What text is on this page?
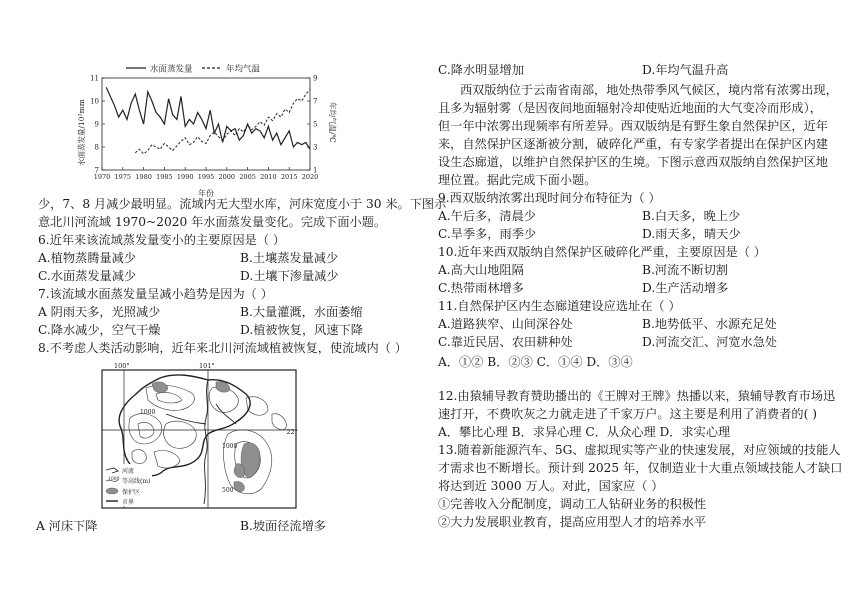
11
10
9
8
7
9
7
5
3
1
1970 1975 1980 1985 1990 1995 2000 2005 2010 2015 2020
水面蒸发量	年均气温
水面蒸发量/10²mm	年均气温/℃
年份
100°	101°
22°
1000
1000
500
河流
1000 等高线(m)
保护区
市界
少，7、8 月减少最明显。流域内无大型水库，河床宽度小于 30 米。下图示
意北川河流域 1970~2020 年水面蒸发量变化。完成下面小题。
6.近年来该流域蒸发量变小的主要原因是（ ）
A.植物蒸腾量减少	B.土壤蒸发量减少
C.水面蒸发量减少	D.土壤下渗量减少
7.该流域水面蒸发量呈减小趋势是因为（ ）
A 阴雨天多，光照减少	B.大量灌溉，水面萎缩
C.降水减少，空气干燥	D.植被恢复，风速下降
8.不考虑人类活动影响，近年来北川河流域植被恢复，使流域内（ ）
A 河床下降	B.坡面径流增多
C.降水明显增加	D.年均气温升高
西双版纳位于云南省南部，地处热带季风气候区，境内常有浓雾出现，
且多为辐射雾（是因夜间地面辐射冷却使贴近地面的大气变冷而形成），
但一年中浓雾出现频率有所差异。西双版纳是有野生象自然保护区，近年
来，自然保护区逐渐被分割，破碎化严重，有专家学者提出在保护区内建
设生态廊道，以维护自然保护区的生境。下图示意西双版纳自然保护区地
理位置。据此完成下面小题。
9.西双版纳浓雾出现时间分布特征为（ ）
A.午后多，清晨少	B.白天多，晚上少
C.旱季多，雨季少	D.雨天多，晴天少
10.近年来西双版纳自然保护区破碎化严重，主要原因是（ ）
A.高大山地阻隔	B.河流不断切割
C.热带雨林增多	D.生产活动增多
11.自然保护区内生态廊道建设应选址在（ ）
A.道路狭窄、山间深谷处	B.地势低平、水源充足处
C.靠近民居、农田耕种处	D.河流交汇、河宽水急处
A．①② B．②③ C．①④ D．③④
12.由猿辅导教育赞助播出的《王牌对王牌》热播以来，猿辅导教育市场迅
速打开，不费吹灰之力就走进了千家万户。这主要是利用了消费者的( )
A．攀比心理 B．求异心理 C．从众心理 D．求实心理
13.随着新能源汽车、5G、虚拟现实等产业的快速发展，对应领域的技能人
才需求也不断增长。预计到 2025 年，仅制造业十大重点领域技能人才缺口
将达到近 3000 万人。对此，国家应（ ）
①完善收入分配制度，调动工人钻研业务的积极性
②大力发展职业教育，提高应用型人才的培养水平
